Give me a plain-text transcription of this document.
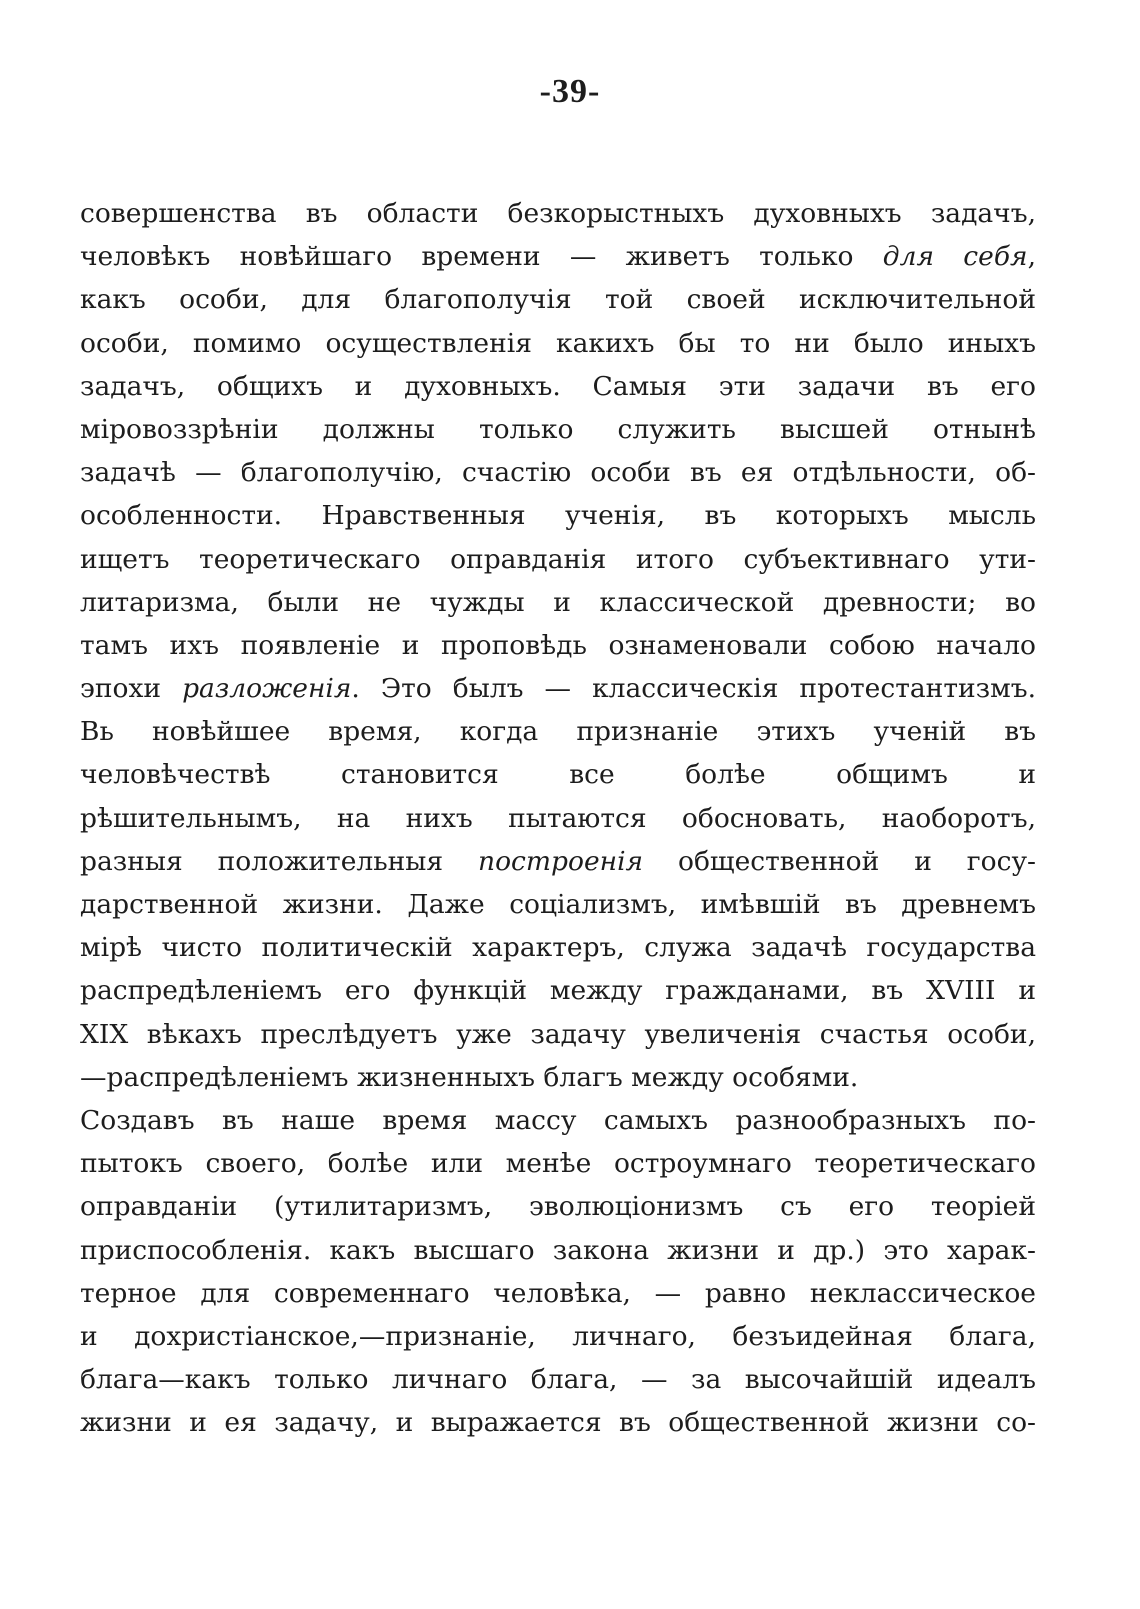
-39-
совершенства въ области безкорыстныхъ духовныхъ задачъ,
человѣкъ новѣйшаго времени — живетъ только для себя,
какъ особи, для благополучія той своей исключительной
особи, помимо осуществленія какихъ бы то ни было иныхъ
задачъ, общихъ и духовныхъ. Самыя эти задачи въ его
міровоззрѣніи должны только служить высшей отнынѣ
задачѣ — благополучію, счастію особи въ ея отдѣльности, об-
особленности. Нравственныя ученія, въ которыхъ мысль
ищетъ теоретическаго оправданія итого субъективнаго ути-
литаризма, были не чужды и классической древности; во
тамъ ихъ появленіе и проповѣдь ознаменовали собою начало
эпохи разложенія. Это былъ — классическія протестантизмъ.
Вь новѣйшее время, когда признаніе этихъ ученій въ
человѣчествѣ становится все болѣе общимъ и
рѣшительнымъ, на нихъ пытаются обосновать, наоборотъ,
разныя положительныя построенія общественной и госу-
дарственной жизни. Даже соціализмъ, имѣвшій въ древнемъ
мірѣ чисто политическій характеръ, служа задачѣ государства
распредѣленіемъ его функцій между гражданами, въ XVIII и
XIX вѣкахъ преслѣдуетъ уже задачу увеличенія счастья особи,
—распредѣленіемъ жизненныхъ благъ между особями.
Создавъ въ наше время массу самыхъ разнообразныхъ по-
пытокъ своего, болѣе или менѣе остроумнаго теоретическаго
оправданіи (утилитаризмъ, эволюціонизмъ съ его теоріей
приспособленія. какъ высшаго закона жизни и др.) это харак-
терное для современнаго человѣка, — равно неклассическое
и дохристіанское,—признаніе, личнаго, безъидейная блага,
блага—какъ только личнаго блага, — за высочайшій идеалъ
жизни и ея задачу, и выражается въ общественной жизни со-
